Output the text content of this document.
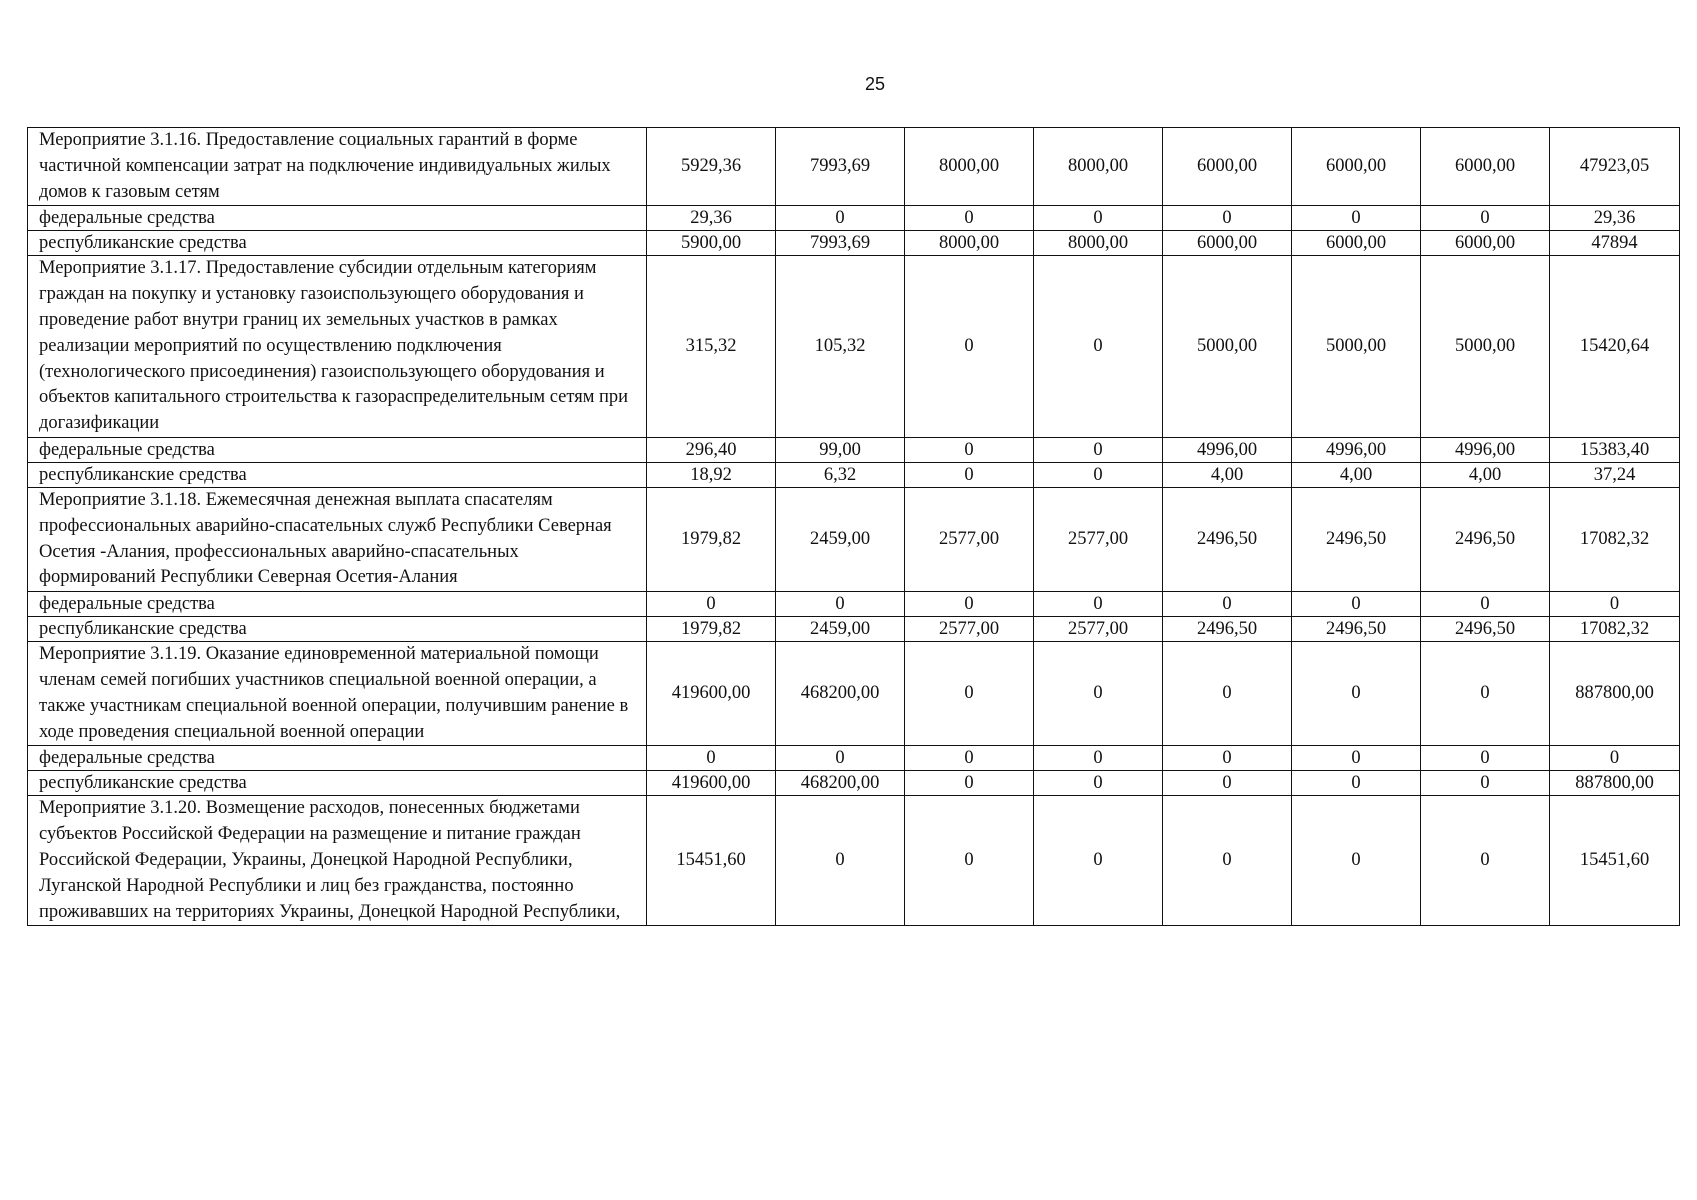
25
Мероприятие 3.1.16. Предоставление социальных гарантий в форме частичной компенсации затрат на подключение индивидуальных жилых домов к газовым сетям	5929,36	7993,69	8000,00	8000,00	6000,00	6000,00	6000,00	47923,05
федеральные средства	29,36	0	0	0	0	0	0	29,36
республиканские средства	5900,00	7993,69	8000,00	8000,00	6000,00	6000,00	6000,00	47894
Мероприятие 3.1.17. Предоставление субсидии отдельным категориям граждан на покупку и установку газоиспользующего оборудования и проведение работ внутри границ их земельных участков в рамках реализации мероприятий по осуществлению подключения (технологического присоединения) газоиспользующего оборудования и объектов капитального строительства к газораспределительным сетям при догазификации	315,32	105,32	0	0	5000,00	5000,00	5000,00	15420,64
федеральные средства	296,40	99,00	0	0	4996,00	4996,00	4996,00	15383,40
республиканские средства	18,92	6,32	0	0	4,00	4,00	4,00	37,24
Мероприятие 3.1.18. Ежемесячная денежная выплата спасателям профессиональных аварийно-спасательных служб Республики Северная Осетия -Алания, профессиональных аварийно-спасательных формирований Республики Северная Осетия-Алания	1979,82	2459,00	2577,00	2577,00	2496,50	2496,50	2496,50	17082,32
федеральные средства	0	0	0	0	0	0	0	0
республиканские средства	1979,82	2459,00	2577,00	2577,00	2496,50	2496,50	2496,50	17082,32
Мероприятие 3.1.19. Оказание единовременной материальной помощи членам семей погибших участников специальной военной операции, а также участникам специальной военной операции, получившим ранение в ходе проведения специальной военной операции	419600,00	468200,00	0	0	0	0	0	887800,00
федеральные средства	0	0	0	0	0	0	0	0
республиканские средства	419600,00	468200,00	0	0	0	0	0	887800,00
Мероприятие 3.1.20. Возмещение расходов, понесенных бюджетами субъектов Российской Федерации на размещение и питание граждан Российской Федерации, Украины, Донецкой Народной Республики, Луганской Народной Республики и лиц без гражданства, постоянно проживавших на территориях Украины, Донецкой Народной Республики,	15451,60	0	0	0	0	0	0	15451,60
